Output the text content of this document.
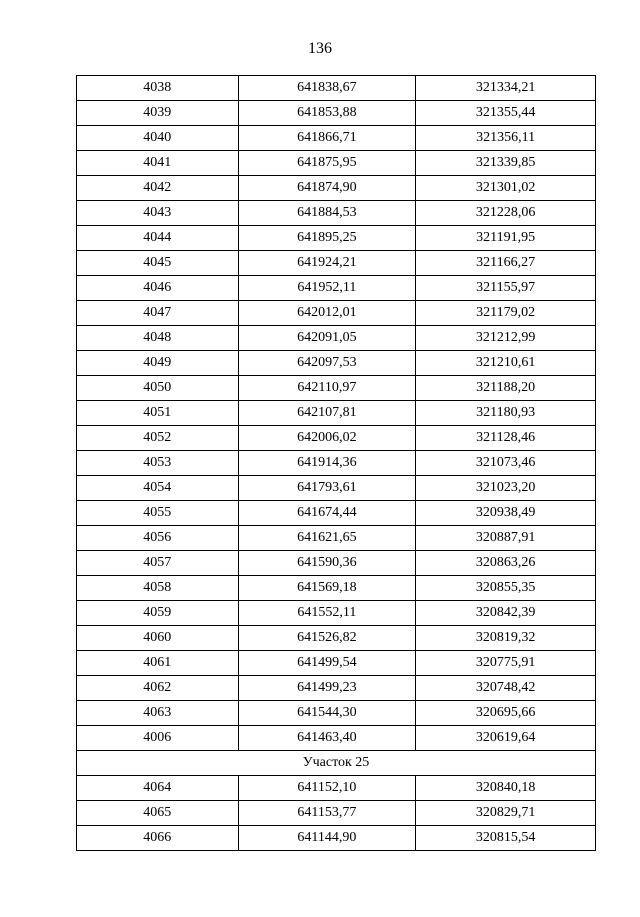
136
4038	641838,67	321334,21
4039	641853,88	321355,44
4040	641866,71	321356,11
4041	641875,95	321339,85
4042	641874,90	321301,02
4043	641884,53	321228,06
4044	641895,25	321191,95
4045	641924,21	321166,27
4046	641952,11	321155,97
4047	642012,01	321179,02
4048	642091,05	321212,99
4049	642097,53	321210,61
4050	642110,97	321188,20
4051	642107,81	321180,93
4052	642006,02	321128,46
4053	641914,36	321073,46
4054	641793,61	321023,20
4055	641674,44	320938,49
4056	641621,65	320887,91
4057	641590,36	320863,26
4058	641569,18	320855,35
4059	641552,11	320842,39
4060	641526,82	320819,32
4061	641499,54	320775,91
4062	641499,23	320748,42
4063	641544,30	320695,66
4006	641463,40	320619,64
Участок 25		
4064	641152,10	320840,18
4065	641153,77	320829,71
4066	641144,90	320815,54
